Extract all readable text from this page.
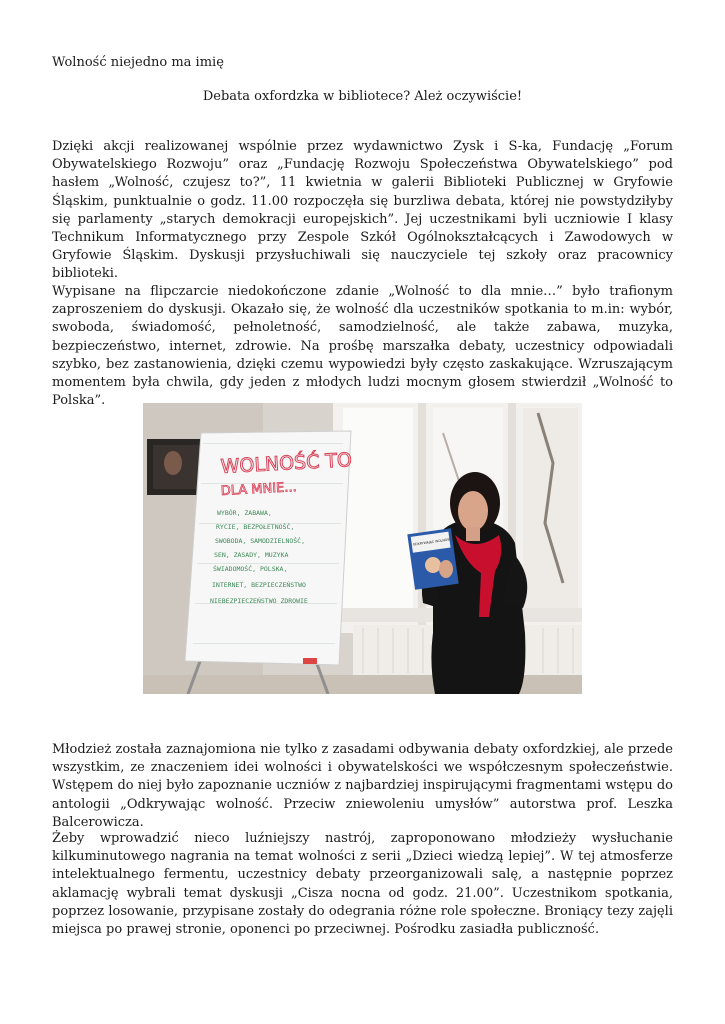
Wolność niejedno ma imię
Debata oxfordzka w bibliotece? Ależ oczywiście!

Dzięki akcji realizowanej wspólnie przez wydawnictwo Zysk i S-ka, Fundację „Forum Obywatelskiego Rozwoju” oraz „Fundację Rozwoju Społeczeństwa Obywatelskiego” pod hasłem „Wolność, czujesz to?”, 11 kwietnia w galerii Biblioteki Publicznej w Gryfowie Śląskim, punktualnie o godz. 11.00 rozpoczęła się burzliwa debata, której nie powstydziłyby się parlamenty „starych demokracji europejskich”. Jej uczestnikami byli uczniowie I klasy Technikum Informatycznego przy Zespole Szkół Ogólnokształcących i Zawodowych w Gryfowie Śląskim. Dyskusji przysłuchiwali się nauczyciele tej szkoły oraz pracownicy biblioteki.

Wypisane na flipczarcie niedokończone zdanie „Wolność to dla mnie…” było trafionym zaproszeniem do dyskusji. Okazało się, że wolność dla uczestników spotkania to m.in: wybór, swoboda, świadomość, pełnoletność, samodzielność, ale także zabawa, muzyka, bezpieczeństwo, internet, zdrowie. Na prośbę marszałka debaty, uczestnicy odpowiadali szybko, bez zastanowienia, dzięki czemu wypowiedzi były często zaskakujące. Wzruszającym momentem była chwila, gdy jeden z młodych ludzi mocnym głosem stwierdził „Wolność to Polska”.

WOLNOŚĆ TO
DLA MNIE...
WYBÓR, ZABAWA,
RYCIE, BEZPOŁETNOŚĆ,
SWOBODA, SAMODZIELNOŚĆ,
SEN, ZASADY, MUZYKA
ŚWIADOMOŚĆ, POLSKA,
INTERNET, BEZPIECZEŃSTWO
NIEBEZPIECZEŃSTWO ZDROWIE
ODKRYWAJĄC WOLNOŚĆ

Młodzież została zaznajomiona nie tylko z zasadami odbywania debaty oxfordzkiej, ale przede wszystkim, ze znaczeniem idei wolności i obywatelskości we współczesnym społeczeństwie. Wstępem do niej było zapoznanie uczniów z najbardziej inspirującymi fragmentami wstępu do antologii „Odkrywając wolność. Przeciw zniewoleniu umysłów” autorstwa prof. Leszka Balcerowicza.

Żeby wprowadzić nieco luźniejszy nastrój, zaproponowano młodzieży wysłuchanie kilkuminutowego nagrania na temat wolności z serii „Dzieci wiedzą lepiej”. W tej atmosferze intelektualnego fermentu, uczestnicy debaty przeorganizowali salę, a następnie poprzez aklamację wybrali temat dyskusji „Cisza nocna od godz. 21.00”. Uczestnikom spotkania, poprzez losowanie, przypisane zostały do odegrania różne role społeczne. Broniący tezy zajęli miejsca po prawej stronie, oponenci po przeciwnej. Pośrodku zasiadła publiczność.
